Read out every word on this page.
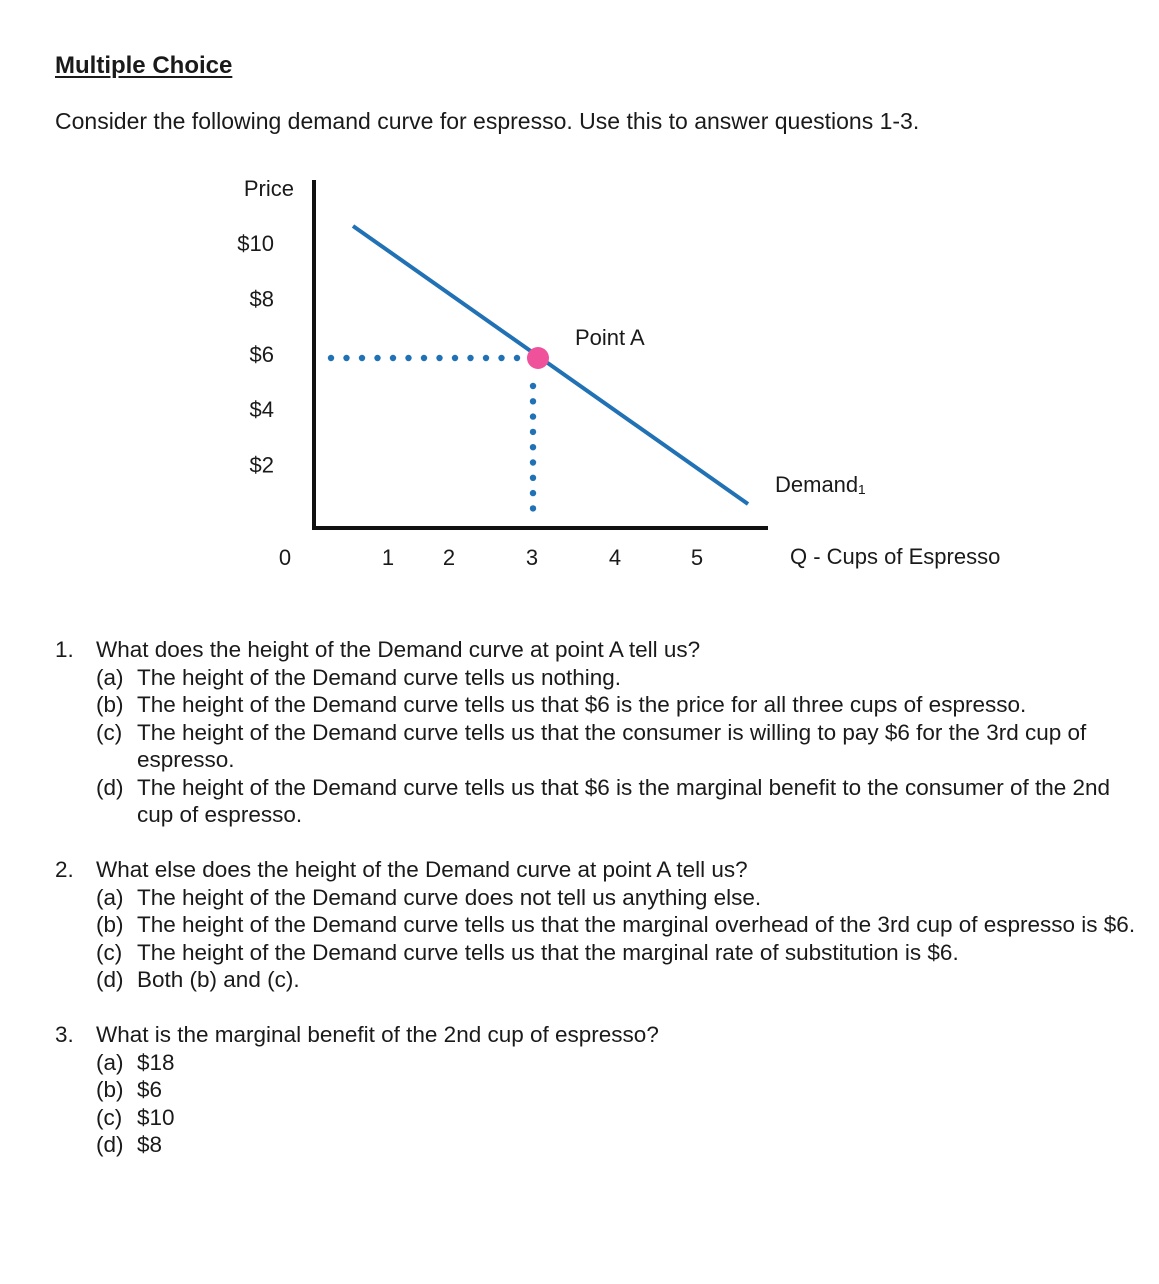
Multiple Choice

Consider the following demand curve for espresso. Use this to answer questions 1-3.

Price
$10
$8
$6
$4
$2
0	1 2	3	4	5	Q - Cups of Espresso
Point A
Demand₁
1. What does the height of the Demand curve at point A tell us?
(a) The height of the Demand curve tells us nothing.
(b) The height of the Demand curve tells us that $6 is the price for all three cups of espresso.
(c) The height of the Demand curve tells us that the consumer is willing to pay $6 for the 3rd cup of espresso.
(d) The height of the Demand curve tells us that $6 is the marginal benefit to the consumer of the 2nd cup of espresso.
2. What else does the height of the Demand curve at point A tell us?
(a) The height of the Demand curve does not tell us anything else.
(b) The height of the Demand curve tells us that the marginal overhead of the 3rd cup of espresso is $6.
(c) The height of the Demand curve tells us that the marginal rate of substitution is $6.
(d) Both (b) and (c).
3. What is the marginal benefit of the 2nd cup of espresso?
(a) $18
(b) $6
(c) $10
(d) $8
